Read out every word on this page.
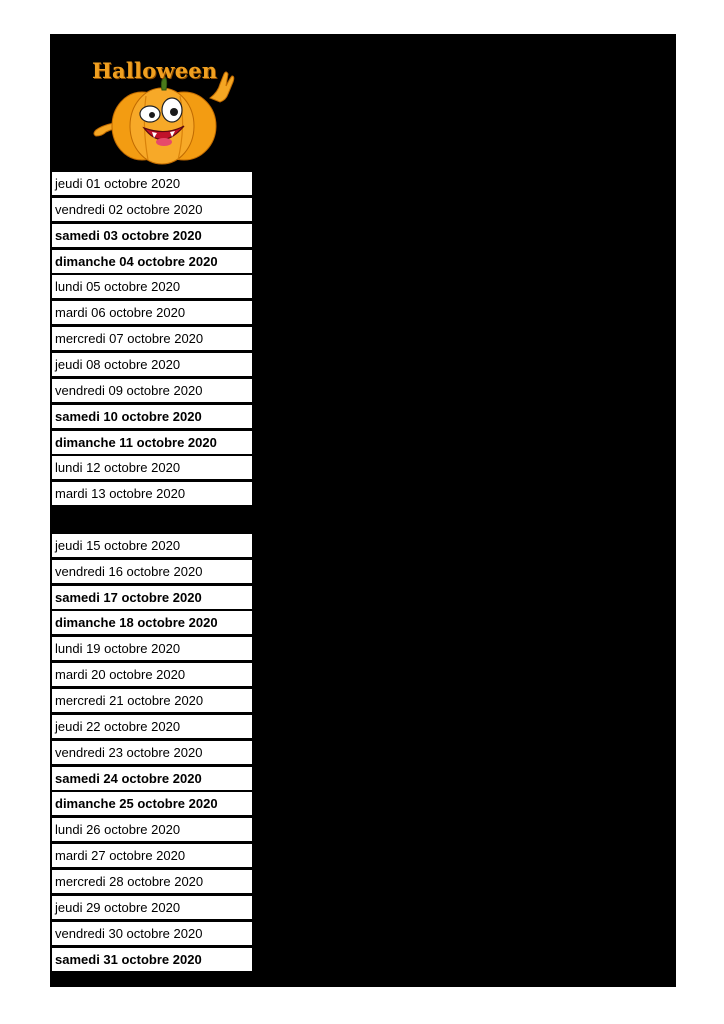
Halloween
jeudi 01 octobre 2020
vendredi 02 octobre 2020
samedi 03 octobre 2020
dimanche 04 octobre 2020
lundi 05 octobre 2020
mardi 06 octobre 2020
mercredi 07 octobre 2020
jeudi 08 octobre 2020
vendredi 09 octobre 2020
samedi 10 octobre 2020
dimanche 11 octobre 2020
lundi 12 octobre 2020
mardi 13 octobre 2020
jeudi 15 octobre 2020
vendredi 16 octobre 2020
samedi 17 octobre 2020
dimanche 18 octobre 2020
lundi 19 octobre 2020
mardi 20 octobre 2020
mercredi 21 octobre 2020
jeudi 22 octobre 2020
vendredi 23 octobre 2020
samedi 24 octobre 2020
dimanche 25 octobre 2020
lundi 26 octobre 2020
mardi 27 octobre 2020
mercredi 28 octobre 2020
jeudi 29 octobre 2020
vendredi 30 octobre 2020
samedi 31 octobre 2020
